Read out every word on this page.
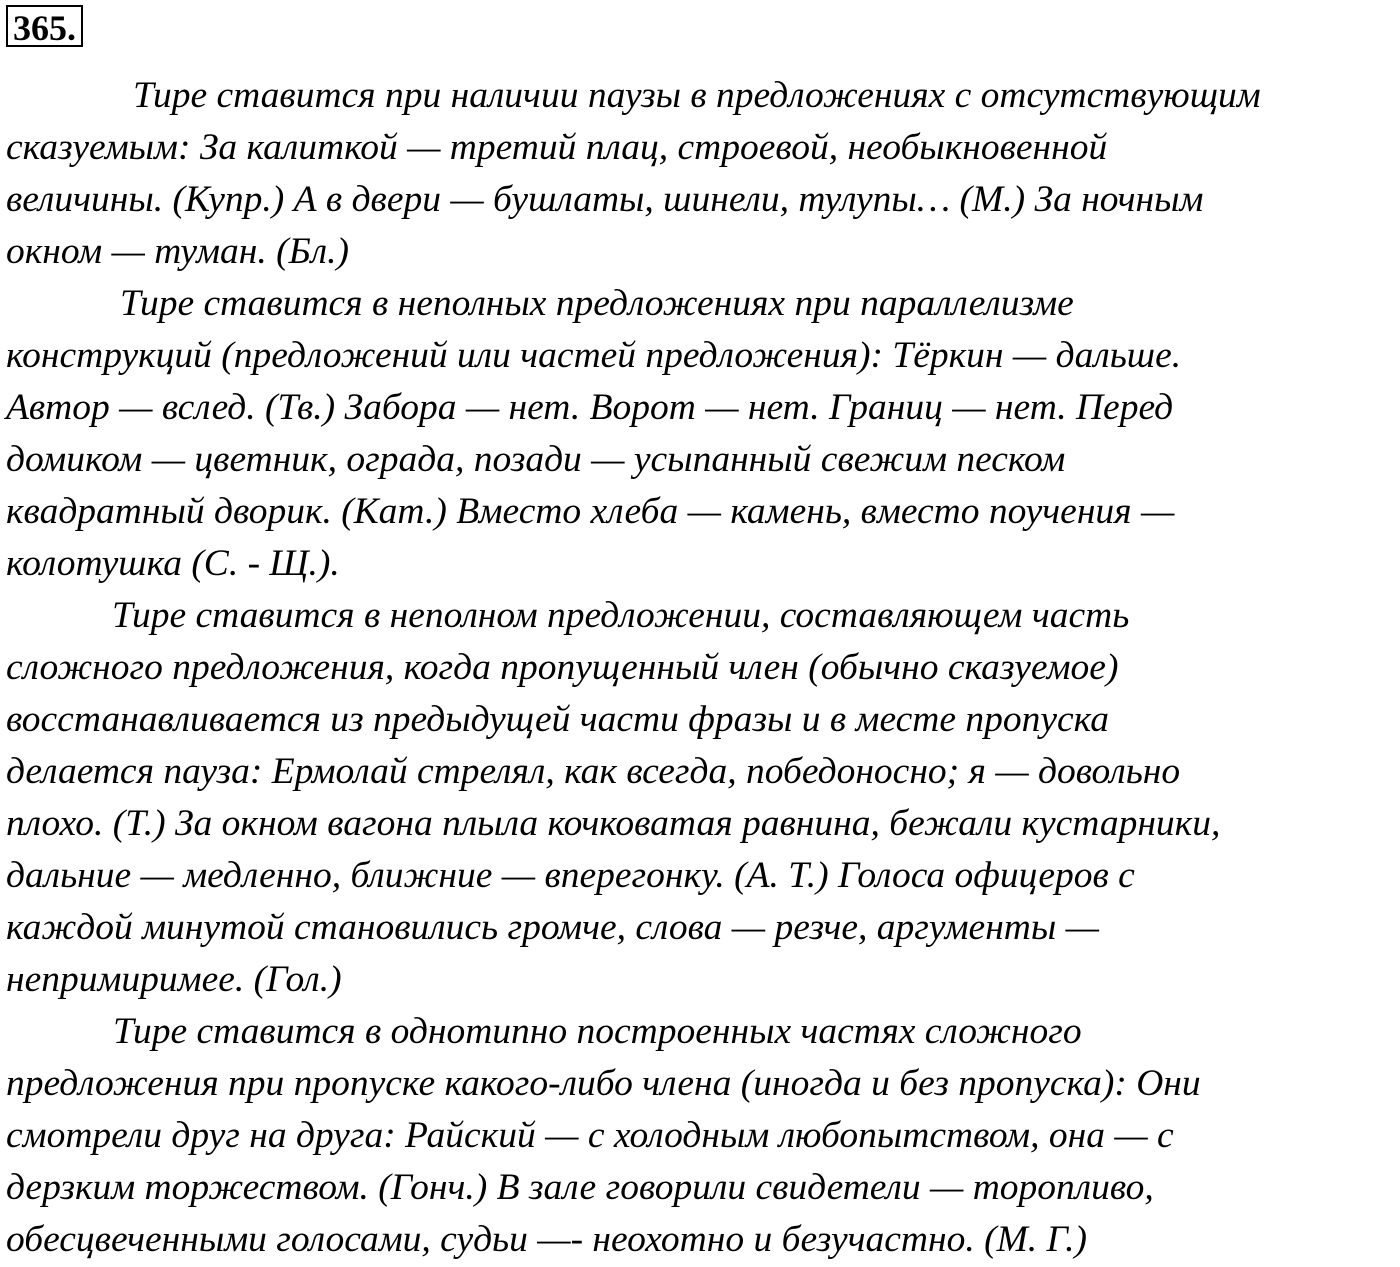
365.
Тире ставится при наличии паузы в предложениях с отсутствующим
сказуемым: За калиткой — третий плац, строевой, необыкновенной
величины. (Купр.) А в двери — бушлаты, шинели, тулупы… (М.) За ночным
окном — туман. (Бл.)
Тире ставится в неполных предложениях при параллелизме
конструкций (предложений или частей предложения): Тёркин — дальше.
Автор — вслед. (Тв.) Забора — нет. Ворот — нет. Границ — нет. Перед
домиком — цветник, ограда, позади — усыпанный свежим песком
квадратный дворик. (Кат.) Вместо хлеба — камень, вместо поучения —
колотушка (С. - Щ.).
Тире ставится в неполном предложении, составляющем часть
сложного предложения, когда пропущенный член (обычно сказуемое)
восстанавливается из предыдущей части фразы и в месте пропуска
делается пауза: Ермолай стрелял, как всегда, победоносно; я — довольно
плохо. (Т.) За окном вагона плыла кочковатая равнина, бежали кустарники,
дальние — медленно, ближние — вперегонку. (А. Т.) Голоса офицеров с
каждой минутой становились громче, слова — резче, аргументы —
непримиримее. (Гол.)
Тире ставится в однотипно построенных частях сложного
предложения при пропуске какого-либо члена (иногда и без пропуска): Они
смотрели друг на друга: Райский — с холодным любопытством, она — с
дерзким торжеством. (Гонч.) В зале говорили свидетели — торопливо,
обесцвеченными голосами, судьи —- неохотно и безучастно. (М. Г.)
